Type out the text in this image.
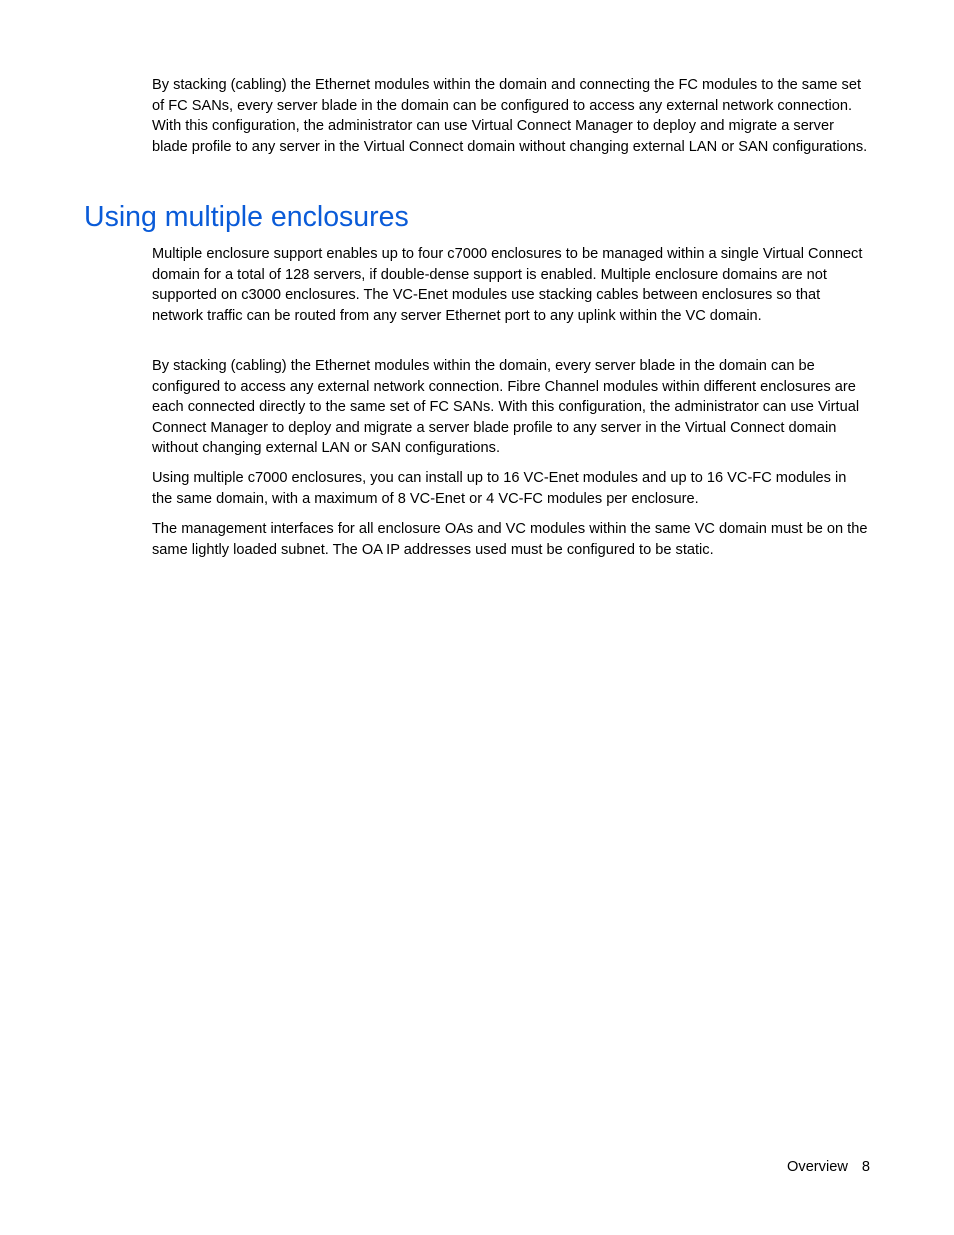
By stacking (cabling) the Ethernet modules within the domain and connecting the FC modules to the same set of FC SANs, every server blade in the domain can be configured to access any external network connection. With this configuration, the administrator can use Virtual Connect Manager to deploy and migrate a server blade profile to any server in the Virtual Connect domain without changing external LAN or SAN configurations.

Using multiple enclosures

Multiple enclosure support enables up to four c7000 enclosures to be managed within a single Virtual Connect domain for a total of 128 servers, if double-dense support is enabled. Multiple enclosure domains are not supported on c3000 enclosures. The VC-Enet modules use stacking cables between enclosures so that network traffic can be routed from any server Ethernet port to any uplink within the VC domain.

By stacking (cabling) the Ethernet modules within the domain, every server blade in the domain can be configured to access any external network connection. Fibre Channel modules within different enclosures are each connected directly to the same set of FC SANs. With this configuration, the administrator can use Virtual Connect Manager to deploy and migrate a server blade profile to any server in the Virtual Connect domain without changing external LAN or SAN configurations.

Using multiple c7000 enclosures, you can install up to 16 VC-Enet modules and up to 16 VC-FC modules in the same domain, with a maximum of 8 VC-Enet or 4 VC-FC modules per enclosure.

The management interfaces for all enclosure OAs and VC modules within the same VC domain must be on the same lightly loaded subnet. The OA IP addresses used must be configured to be static.

Overview 8
